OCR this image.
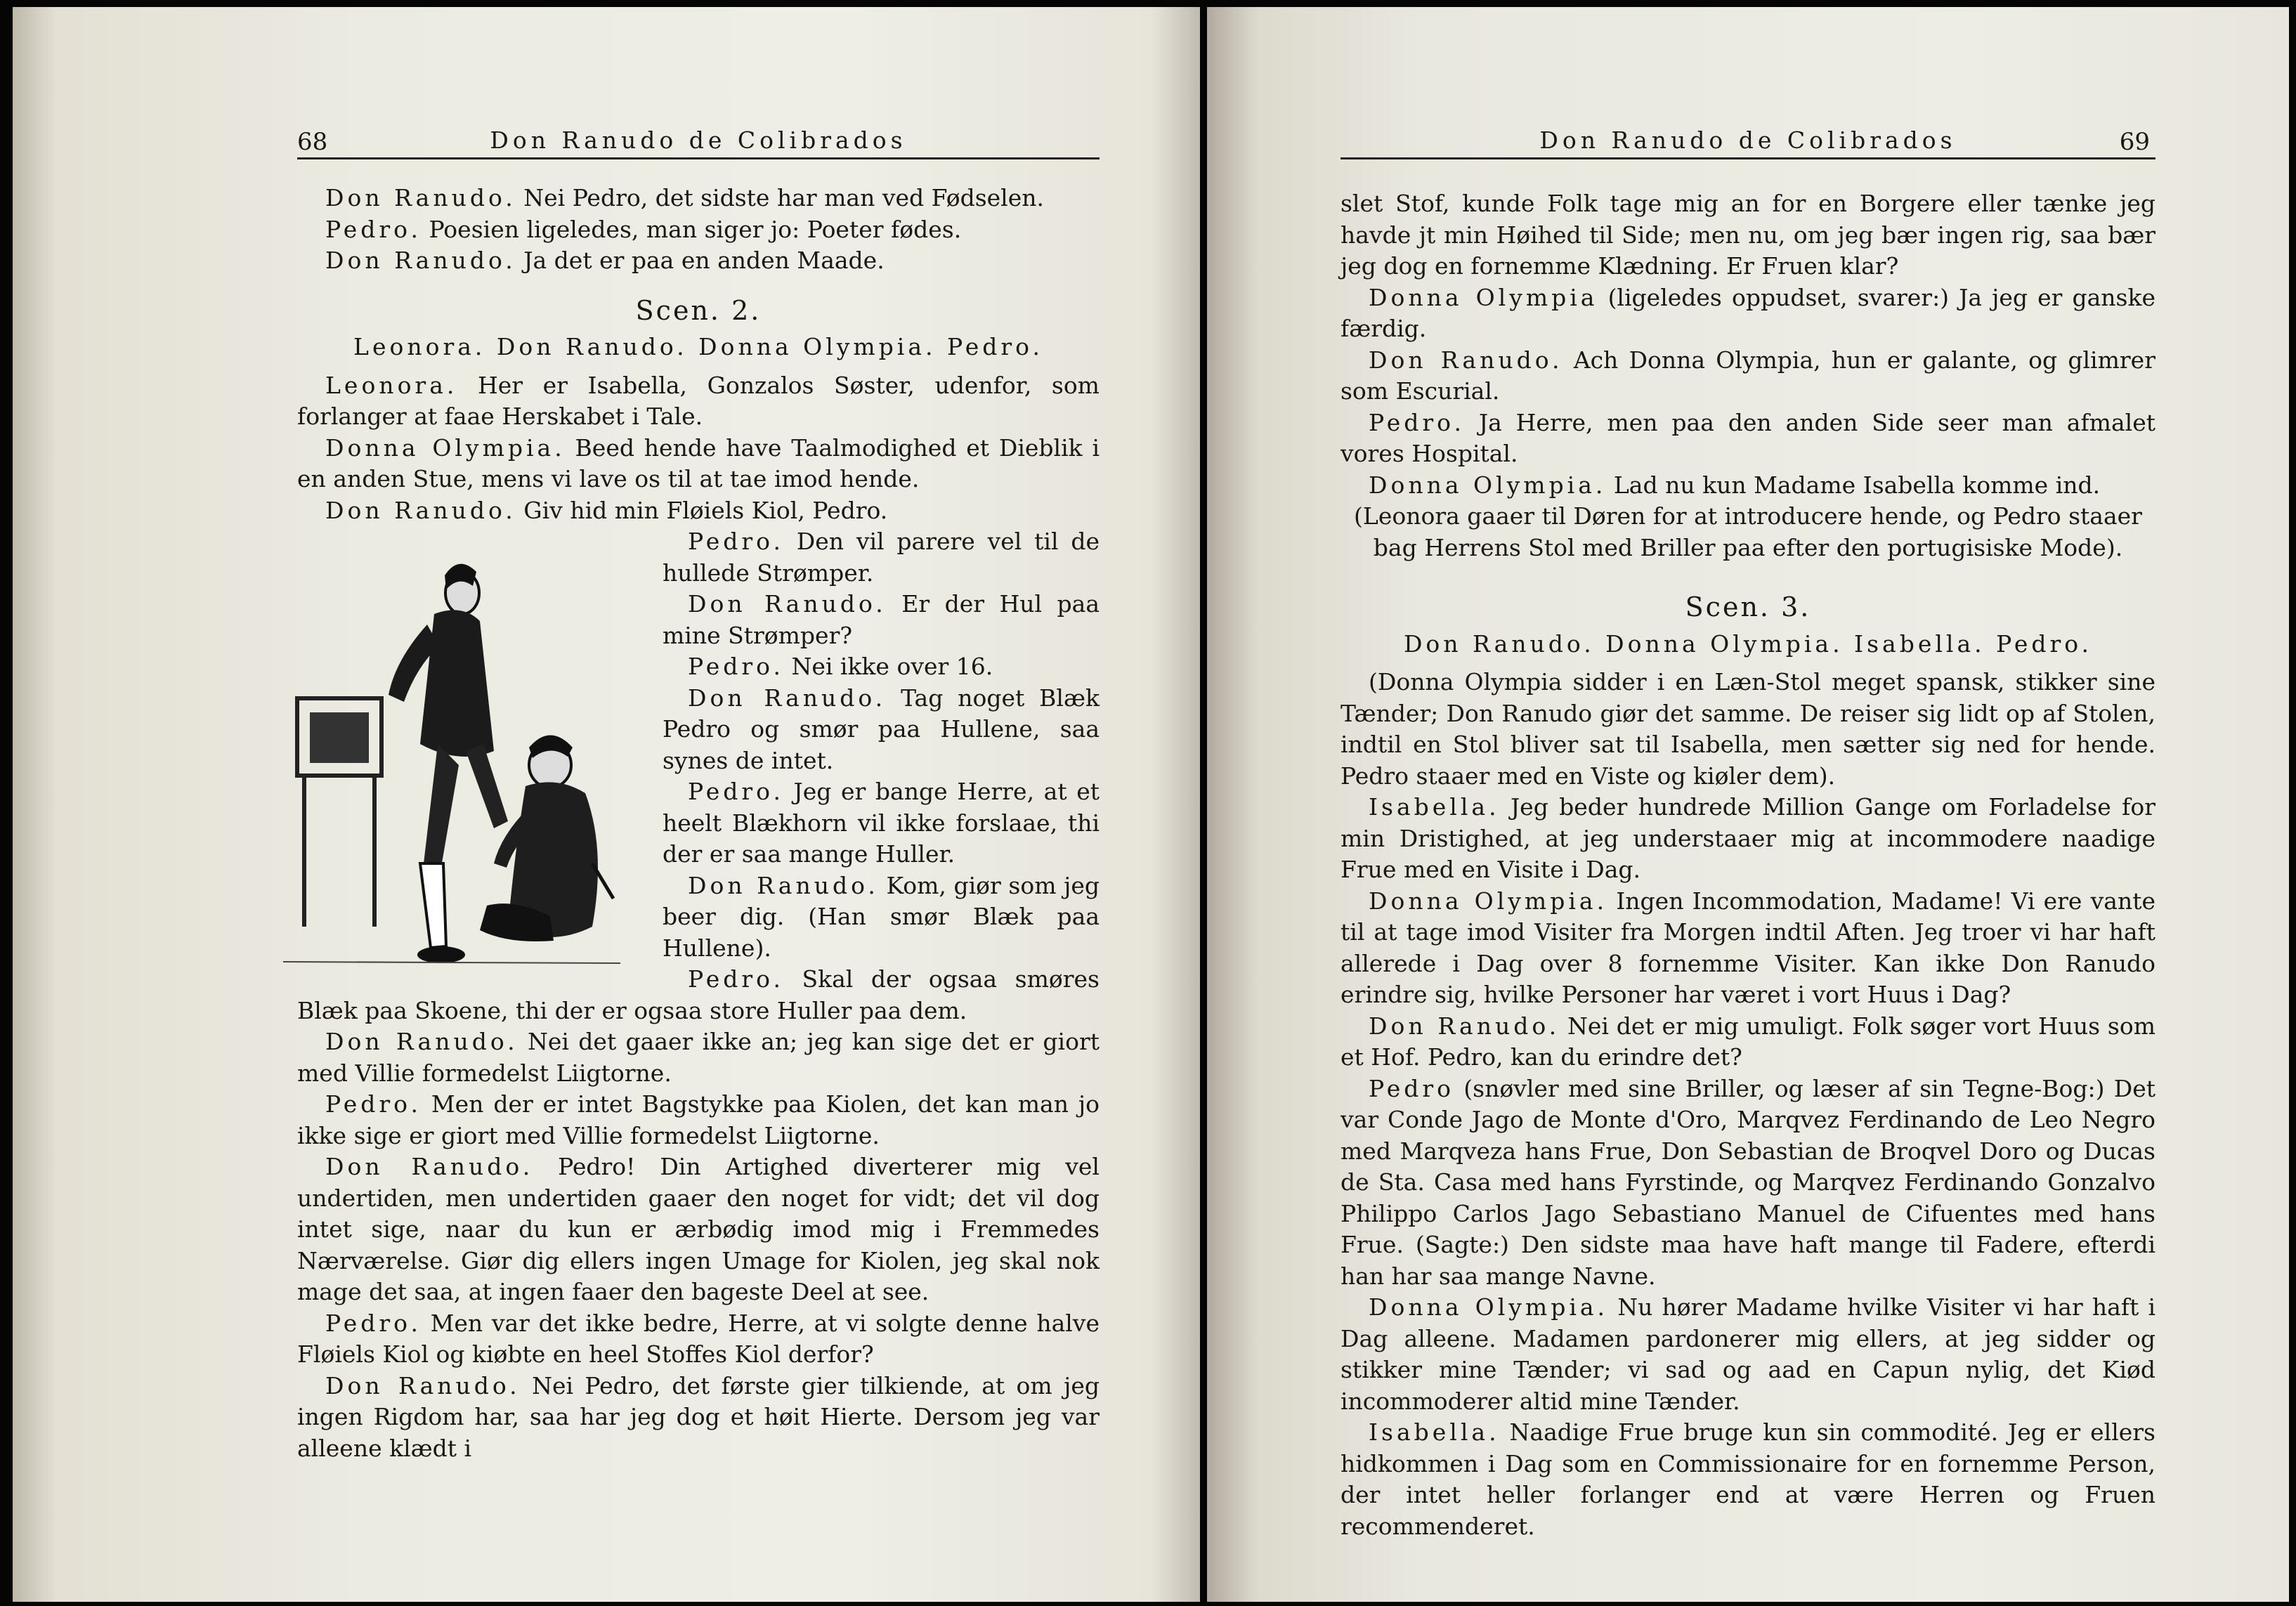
68	Don Ranudo de Colibrados

Don Ranudo. Nei Pedro, det sidste har man ved Fødselen.

Pedro. Poesien ligeledes, man siger jo: Poeter fødes.

Don Ranudo. Ja det er paa en anden Maade.

Scen. 2.

Leonora. Don Ranudo. Donna Olympia. Pedro.

Leonora. Her er Isabella, Gonzalos Søster, udenfor, som forlanger at faae Herskabet i Tale.

Donna Olympia. Beed hende have Taalmodighed et Dieblik i en anden Stue, mens vi lave os til at tae imod hende.

Don Ranudo. Giv hid min Fløiels Kiol, Pedro.

Pedro. Den vil parere vel til de hullede Strømper.

Don Ranudo. Er der Hul paa mine Strømper?

Pedro. Nei ikke over 16.

Don Ranudo. Tag noget Blæk Pedro og smør paa Hullene, saa synes de intet.

Pedro. Jeg er bange Herre, at et heelt Blækhorn vil ikke forslaae, thi der er saa mange Huller.

Don Ranudo. Kom, giør som jeg beer dig. (Han smør Blæk paa Hullene).

Pedro. Skal der ogsaa smøres Blæk paa Skoene, thi der er ogsaa store Huller paa dem.

Don Ranudo. Nei det gaaer ikke an; jeg kan sige det er giort med Villie formedelst Liigtorne.

Pedro. Men der er intet Bagstykke paa Kiolen, det kan man jo ikke sige er giort med Villie formedelst Liigtorne.

Don Ranudo. Pedro! Din Artighed diverterer mig vel undertiden, men undertiden gaaer den noget for vidt; det vil dog intet sige, naar du kun er ærbødig imod mig i Fremmedes Nærværelse. Giør dig ellers ingen Umage for Kiolen, jeg skal nok mage det saa, at ingen faaer den bageste Deel at see.

Pedro. Men var det ikke bedre, Herre, at vi solgte denne halve Fløiels Kiol og kiøbte en heel Stoffes Kiol derfor?

Don Ranudo. Nei Pedro, det første gier tilkiende, at om jeg ingen Rigdom har, saa har jeg dog et høit Hierte. Dersom jeg var alleene klædt i

Don Ranudo de Colibrados	69

slet Stof, kunde Folk tage mig an for en Borgere eller tænke jeg havde jt min Høihed til Side; men nu, om jeg bær ingen rig, saa bær jeg dog en fornemme Klædning. Er Fruen klar?

Donna Olympia (ligeledes oppudset, svarer:) Ja jeg er ganske færdig.

Don Ranudo. Ach Donna Olympia, hun er galante, og glimrer som Escurial.

Pedro. Ja Herre, men paa den anden Side seer man afmalet vores Hospital.

Donna Olympia. Lad nu kun Madame Isabella komme ind.

(Leonora gaaer til Døren for at introducere hende, og Pedro staaer bag Herrens Stol med Briller paa efter den portugisiske Mode).

Scen. 3.

Don Ranudo. Donna Olympia. Isabella. Pedro.

(Donna Olympia sidder i en Læn-Stol meget spansk, stikker sine Tænder; Don Ranudo giør det samme. De reiser sig lidt op af Stolen, indtil en Stol bliver sat til Isabella, men sætter sig ned for hende. Pedro staaer med en Viste og kiøler dem).

Isabella. Jeg beder hundrede Million Gange om Forladelse for min Dristighed, at jeg understaaer mig at incommodere naadige Frue med en Visite i Dag.

Donna Olympia. Ingen Incommodation, Madame! Vi ere vante til at tage imod Visiter fra Morgen indtil Aften. Jeg troer vi har haft allerede i Dag over 8 fornemme Visiter. Kan ikke Don Ranudo erindre sig, hvilke Personer har været i vort Huus i Dag?

Don Ranudo. Nei det er mig umuligt. Folk søger vort Huus som et Hof. Pedro, kan du erindre det?

Pedro (snøvler med sine Briller, og læser af sin Tegne-Bog:) Det var Conde Jago de Monte d'Oro, Marqvez Ferdinando de Leo Negro med Marqveza hans Frue, Don Sebastian de Broqvel Doro og Ducas de Sta. Casa med hans Fyrstinde, og Marqvez Ferdinando Gonzalvo Philippo Carlos Jago Sebastiano Manuel de Cifuentes med hans Frue. (Sagte:) Den sidste maa have haft mange til Fadere, efterdi han har saa mange Navne.

Donna Olympia. Nu hører Madame hvilke Visiter vi har haft i Dag alleene. Madamen pardonerer mig ellers, at jeg sidder og stikker mine Tænder; vi sad og aad en Capun nylig, det Kiød incommoderer altid mine Tænder.

Isabella. Naadige Frue bruge kun sin commodité. Jeg er ellers hidkommen i Dag som en Commissionaire for en fornemme Person, der intet heller forlanger end at være Herren og Fruen recommenderet.
